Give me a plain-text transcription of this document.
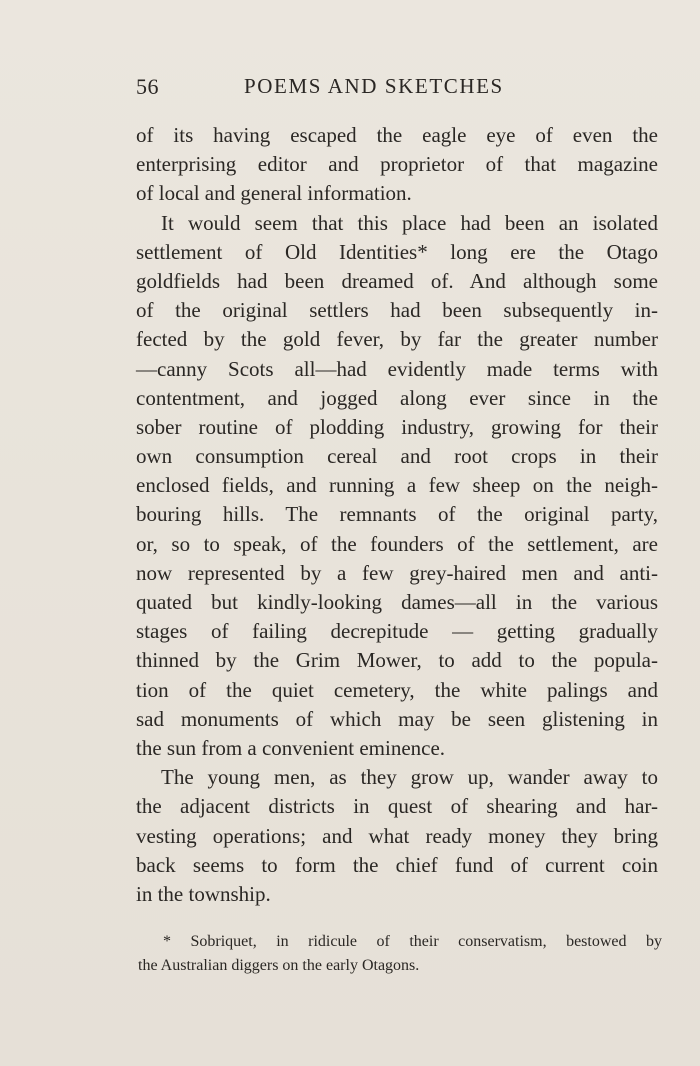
56	POEMS AND SKETCHES
of its having escaped the eagle eye of even the
enterprising editor and proprietor of that magazine
of local and general information.
It would seem that this place had been an isolated
settlement of Old Identities* long ere the Otago
goldfields had been dreamed of. And although some
of the original settlers had been subsequently in-
fected by the gold fever, by far the greater number
—canny Scots all—had evidently made terms with
contentment, and jogged along ever since in the
sober routine of plodding industry, growing for their
own consumption cereal and root crops in their
enclosed fields, and running a few sheep on the neigh-
bouring hills. The remnants of the original party,
or, so to speak, of the founders of the settlement, are
now represented by a few grey-haired men and anti-
quated but kindly-looking dames—all in the various
stages of failing decrepitude — getting gradually
thinned by the Grim Mower, to add to the popula-
tion of the quiet cemetery, the white palings and
sad monuments of which may be seen glistening in
the sun from a convenient eminence.
The young men, as they grow up, wander away to
the adjacent districts in quest of shearing and har-
vesting operations; and what ready money they bring
back seems to form the chief fund of current coin
in the township.
* Sobriquet, in ridicule of their conservatism, bestowed by
the Australian diggers on the early Otagons.
